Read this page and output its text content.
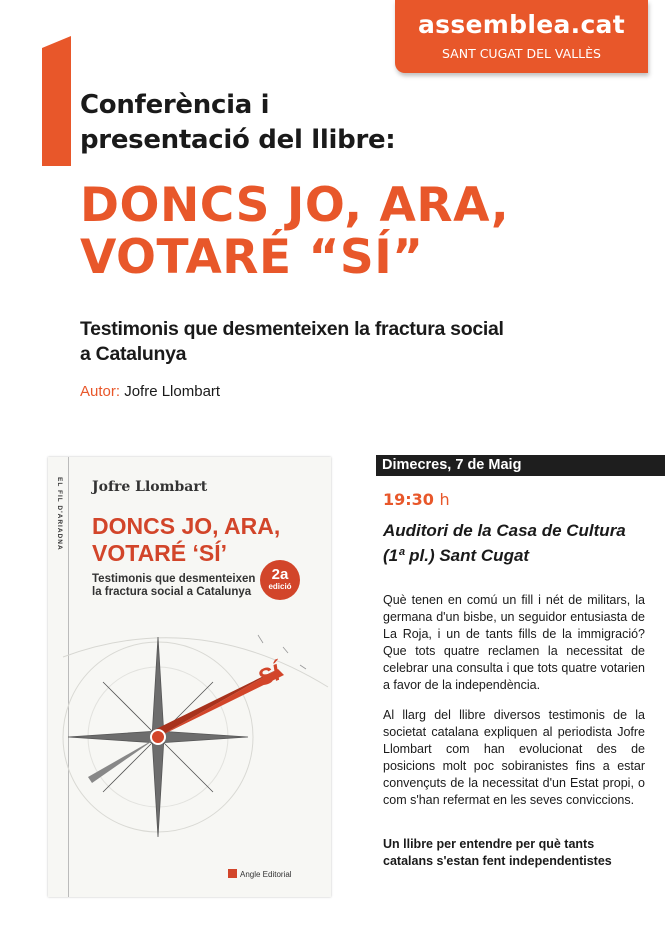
assemblea.cat
SANT CUGAT DEL VALLÈS
Conferència i
presentació del llibre:
DONCS JO, ARA,
VOTARÉ “SÍ”
Testimonis que desmenteixen la fractura social
a Catalunya
Autor: Jofre Llombart
EL FIL D'ARIADNA Jofre Llombart
DONCS JO, ARA,
VOTARÉ ‘SÍ’
Testimonis que desmenteixen
la fractura social a Catalunya
2a
edició
SÍ
Angle Editorial
Dimecres, 7 de Maig
19:30 h
Auditori de la Casa de Cultura
(1ª pl.) Sant Cugat
Què tenen en comú un fill i nét de militars, la germana d'un bisbe, un seguidor entusiasta de La Roja, i un de tants fills de la immigració? Que tots quatre reclamen la necessitat de celebrar una consulta i que tots quatre votarien a favor de la independència.
Al llarg del llibre diversos testimonis de la societat catalana expliquen al periodista Jofre Llombart com han evolucionat des de posicions molt poc sobiranistes fins a estar convençuts de la necessitat d'un Estat propi, o com s'han refermat en les seves conviccions.
Un llibre per entendre per què tants
catalans s'estan fent independentistes
